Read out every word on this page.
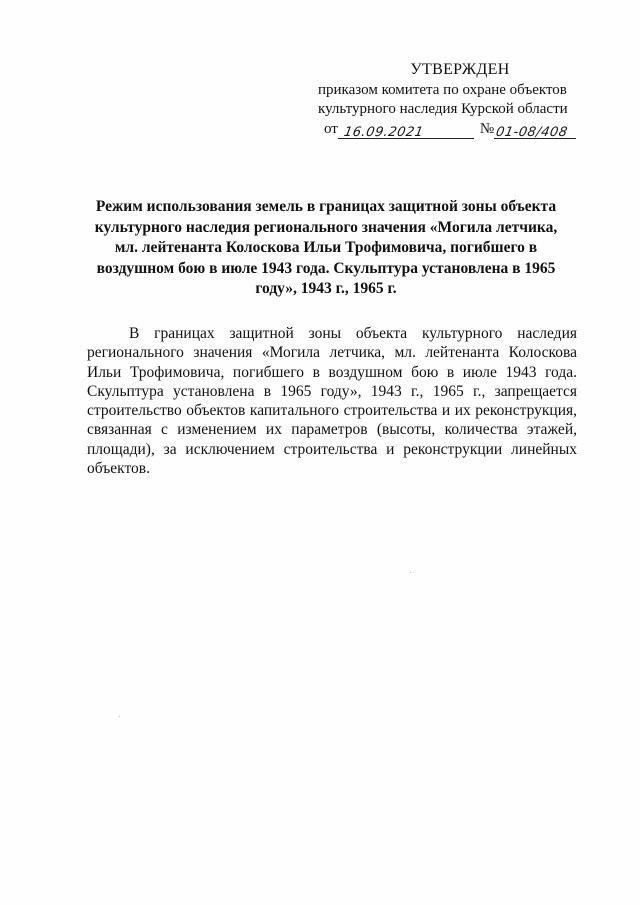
УТВЕРЖДЕН
приказом комитета по охране объектов
культурного наследия Курской области
от 16.09.2021	№01-08/408
Режим использования земель в границах защитной зоны объекта культурного наследия регионального значения «Могила летчика, мл. лейтенанта Колоскова Ильи Трофимовича, погибшего в воздушном бою в июле 1943 года. Скульптура установлена в 1965 году», 1943 г., 1965 г.
В границах защитной зоны объекта культурного наследия регионального значения «Могила летчика, мл. лейтенанта Колоскова Ильи Трофимовича, погибшего в воздушном бою в июле 1943 года. Скульптура установлена в 1965 году», 1943 г., 1965 г., запрещается строительство объектов капитального строительства и их реконструкция, связанная с изменением их параметров (высоты, количества этажей, площади), за исключением строительства и реконструкции линейных объектов.
